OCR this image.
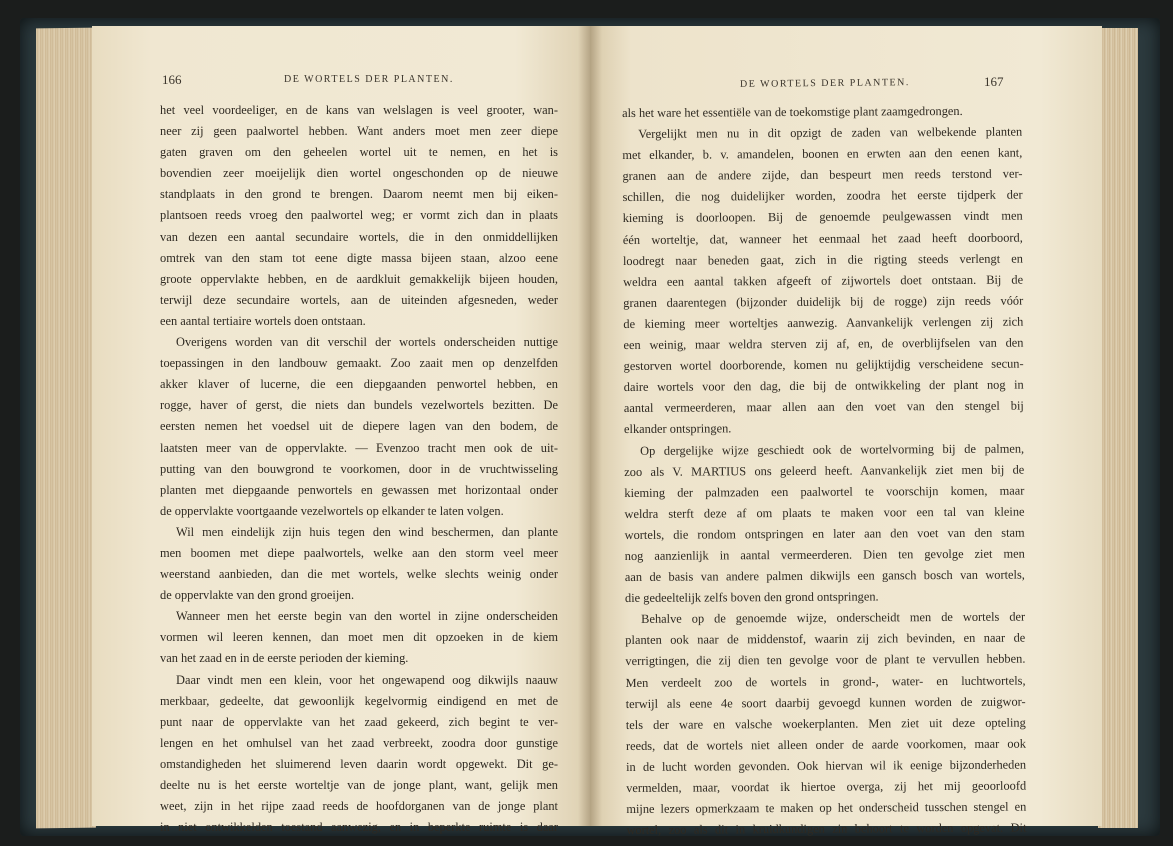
166	DE WORTELS DER PLANTEN.
het veel voordeeliger, en de kans van welslagen is veel grooter, wan-
neer zij geen paalwortel hebben. Want anders moet men zeer diepe
gaten graven om den geheelen wortel uit te nemen, en het is
bovendien zeer moeijelijk dien wortel ongeschonden op de nieuwe
standplaats in den grond te brengen. Daarom neemt men bij eiken-
plantsoen reeds vroeg den paalwortel weg; er vormt zich dan in plaats
van dezen een aantal secundaire wortels, die in den onmiddellijken
omtrek van den stam tot eene digte massa bijeen staan, alzoo eene
groote oppervlakte hebben, en de aardkluit gemakkelijk bijeen houden,
terwijl deze secundaire wortels, aan de uiteinden afgesneden, weder
een aantal tertiaire wortels doen ontstaan.
Overigens worden van dit verschil der wortels onderscheiden nuttige
toepassingen in den landbouw gemaakt. Zoo zaait men op denzelfden
akker klaver of lucerne, die een diepgaanden penwortel hebben, en
rogge, haver of gerst, die niets dan bundels vezelwortels bezitten. De
eersten nemen het voedsel uit de diepere lagen van den bodem, de
laatsten meer van de oppervlakte. — Evenzoo tracht men ook de uit-
putting van den bouwgrond te voorkomen, door in de vruchtwisseling
planten met diepgaande penwortels en gewassen met horizontaal onder
de oppervlakte voortgaande vezelwortels op elkander te laten volgen.
Wil men eindelijk zijn huis tegen den wind beschermen, dan plante
men boomen met diepe paalwortels, welke aan den storm veel meer
weerstand aanbieden, dan die met wortels, welke slechts weinig onder
de oppervlakte van den grond groeijen.
Wanneer men het eerste begin van den wortel in zijne onderscheiden
vormen wil leeren kennen, dan moet men dit opzoeken in de kiem
van het zaad en in de eerste perioden der kieming.
Daar vindt men een klein, voor het ongewapend oog dikwijls naauw
merkbaar, gedeelte, dat gewoonlijk kegelvormig eindigend en met de
punt naar de oppervlakte van het zaad gekeerd, zich begint te ver-
lengen en het omhulsel van het zaad verbreekt, zoodra door gunstige
omstandigheden het sluimerend leven daarin wordt opgewekt. Dit ge-
deelte nu is het eerste worteltje van de jonge plant, want, gelijk men
weet, zijn in het rijpe zaad reeds de hoofdorganen van de jonge plant
in niet ontwikkelden toestand aanwezig, en in beperkte ruimte is daar
DE WORTELS DER PLANTEN.	167
als het ware het essentiële van de toekomstige plant zaamgedrongen.
Vergelijkt men nu in dit opzigt de zaden van welbekende planten
met elkander, b. v. amandelen, boonen en erwten aan den eenen kant,
granen aan de andere zijde, dan bespeurt men reeds terstond ver-
schillen, die nog duidelijker worden, zoodra het eerste tijdperk der
kieming is doorloopen. Bij de genoemde peulgewassen vindt men
één worteltje, dat, wanneer het eenmaal het zaad heeft doorboord,
loodregt naar beneden gaat, zich in die rigting steeds verlengt en
weldra een aantal takken afgeeft of zijwortels doet ontstaan. Bij de
granen daarentegen (bijzonder duidelijk bij de rogge) zijn reeds vóór
de kieming meer worteltjes aanwezig. Aanvankelijk verlengen zij zich
een weinig, maar weldra sterven zij af, en, de overblijfselen van den
gestorven wortel doorborende, komen nu gelijktijdig verscheidene secun-
daire wortels voor den dag, die bij de ontwikkeling der plant nog in
aantal vermeerderen, maar allen aan den voet van den stengel bij
elkander ontspringen.
Op dergelijke wijze geschiedt ook de wortelvorming bij de palmen,
zoo als V. MARTIUS ons geleerd heeft. Aanvankelijk ziet men bij de
kieming der palmzaden een paalwortel te voorschijn komen, maar
weldra sterft deze af om plaats te maken voor een tal van kleine
wortels, die rondom ontspringen en later aan den voet van den stam
nog aanzienlijk in aantal vermeerderen. Dien ten gevolge ziet men
aan de basis van andere palmen dikwijls een gansch bosch van wortels,
die gedeeltelijk zelfs boven den grond ontspringen.
Behalve op de genoemde wijze, onderscheidt men de wortels der
planten ook naar de middenstof, waarin zij zich bevinden, en naar de
verrigtingen, die zij dien ten gevolge voor de plant te vervullen hebben.
Men verdeelt zoo de wortels in grond-, water- en luchtwortels,
terwijl als eene 4e soort daarbij gevoegd kunnen worden de zuigwor-
tels der ware en valsche woekerplanten. Men ziet uit deze opteling
reeds, dat de wortels niet alleen onder de aarde voorkomen, maar ook
in de lucht worden gevonden. Ook hiervan wil ik eenige bijzonderheden
vermelden, maar, voordat ik hiertoe overga, zij het mij geoorloofd
mijne lezers opmerkzaam te maken op het onderscheid tusschen stengel en
wortel, zoo als dit in kruidkundigen zin behoort te worden opgevat. Dit
